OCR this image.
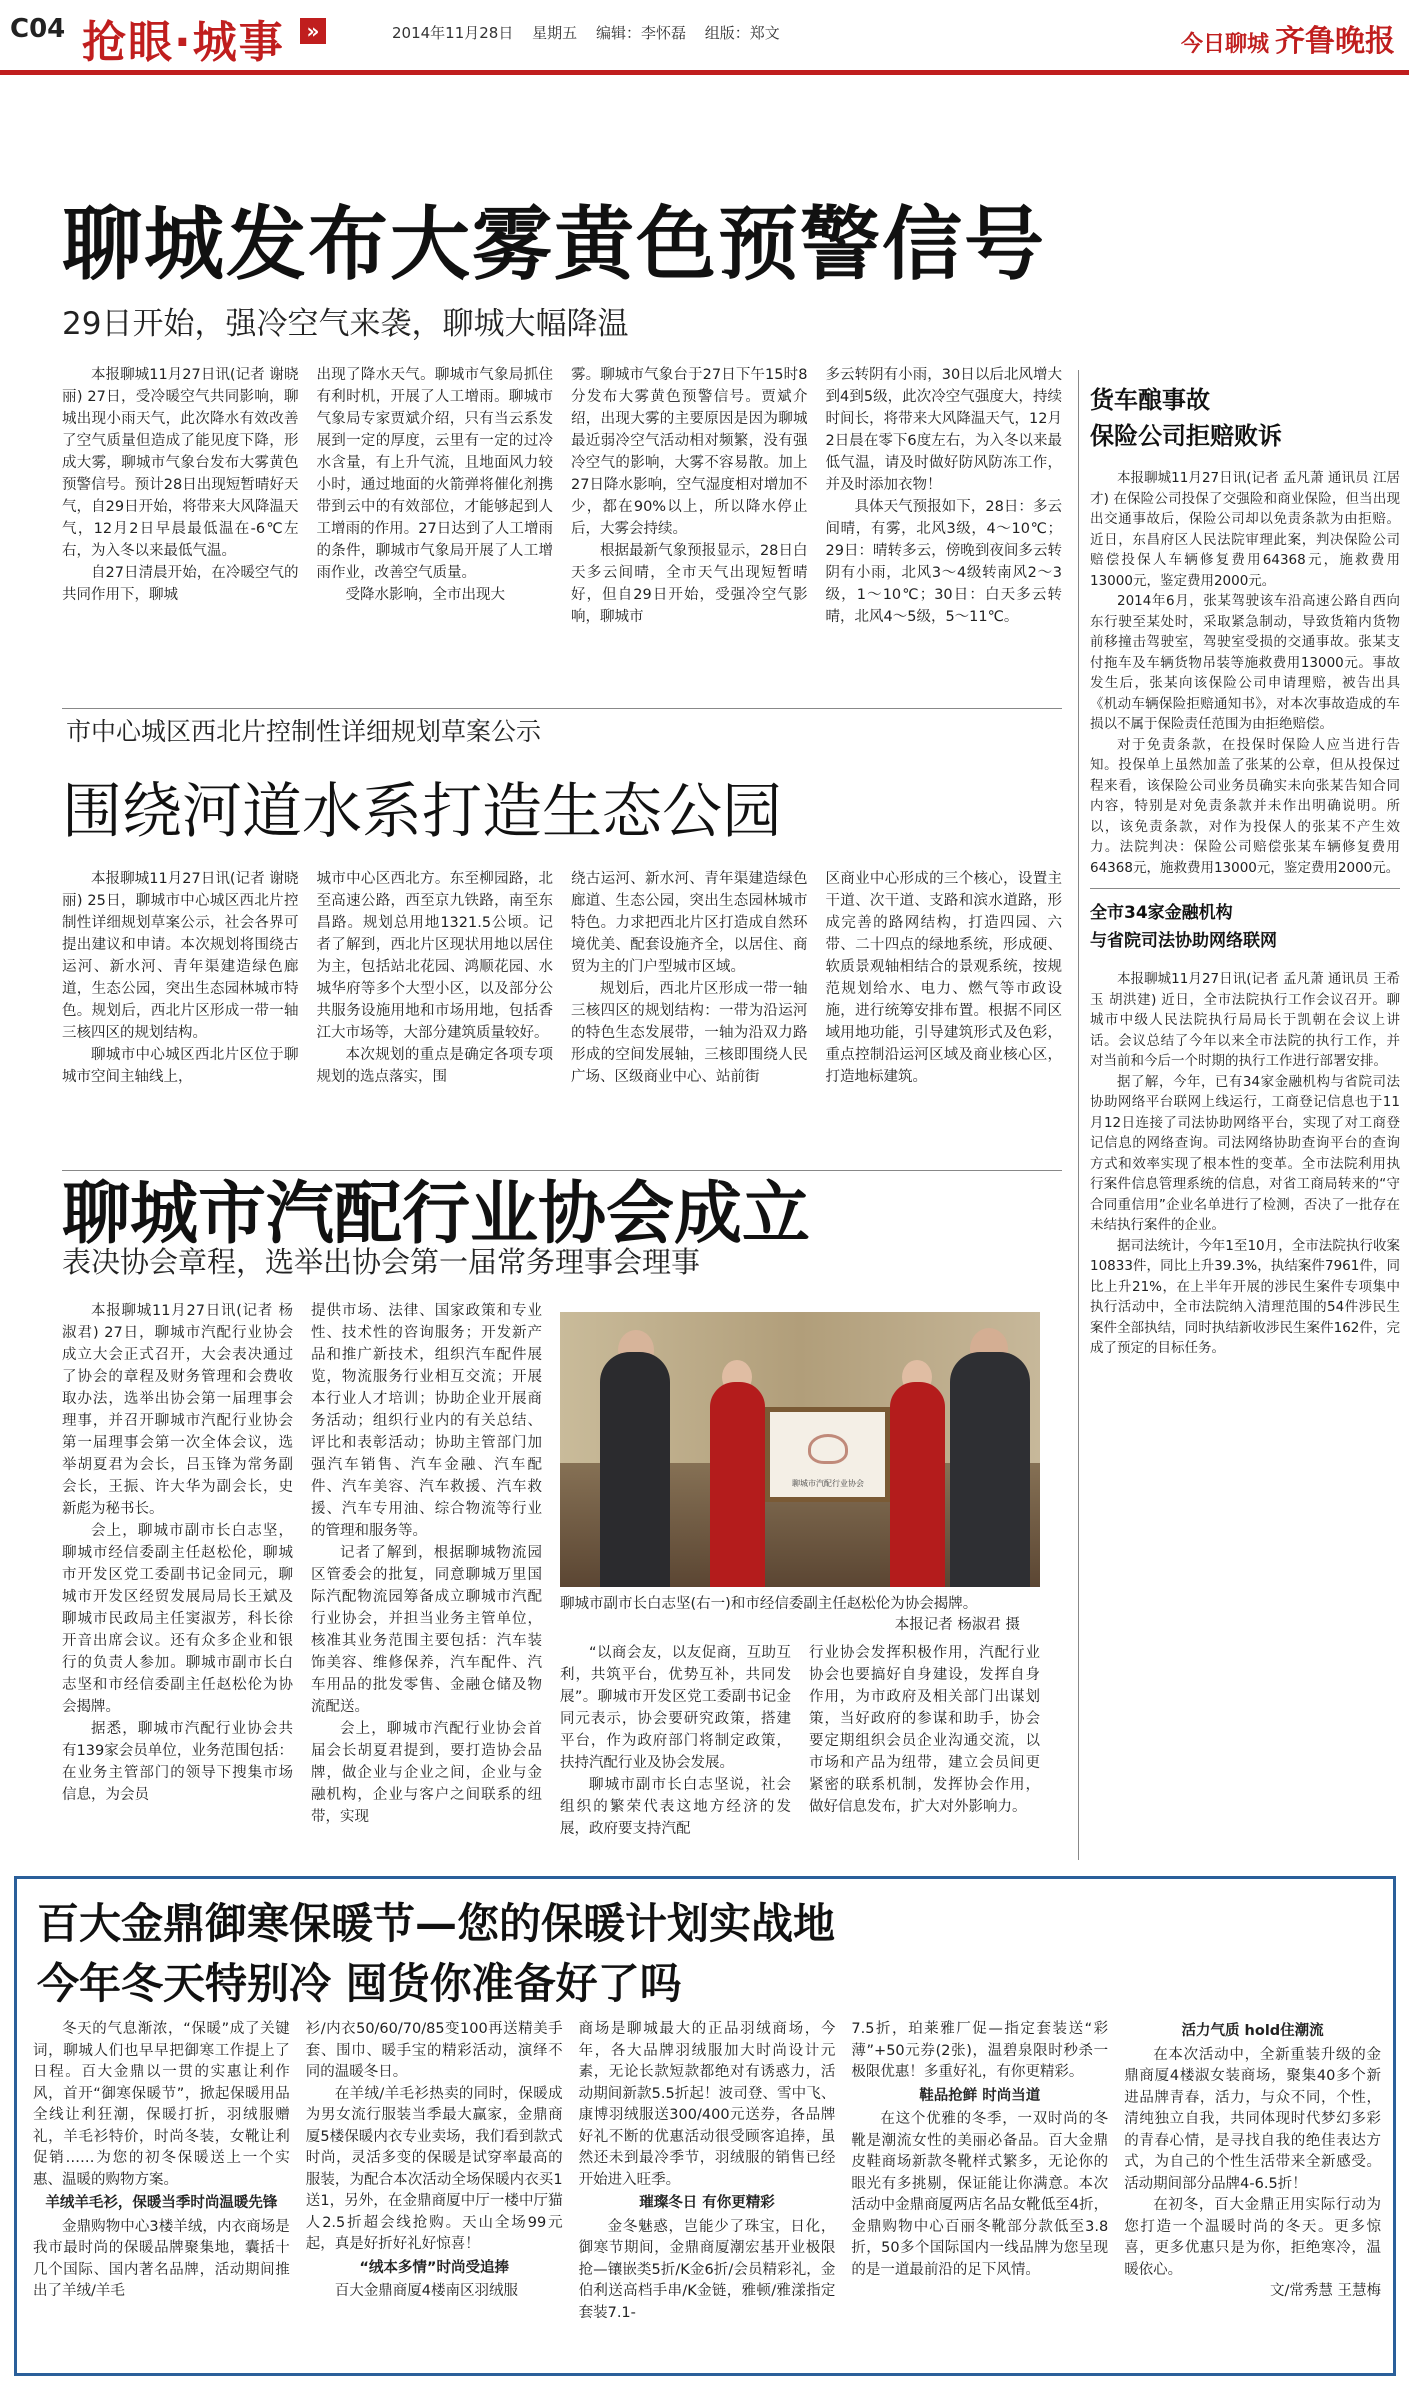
C04 抢眼·城事	»	2014年11月28日 星期五 编辑：李怀磊 组版：郑文	今日聊城 齐鲁晚报
聊城发布大雾黄色预警信号
29日开始，强冷空气来袭，聊城大幅降温

本报聊城11月27日讯(记者 谢晓丽) 27日，受冷暖空气共同影响，聊城出现小雨天气，此次降水有效改善了空气质量但造成了能见度下降，形成大雾，聊城市气象台发布大雾黄色预警信号。预计28日出现短暂晴好天气，自29日开始，将带来大风降温天气，12月2日早晨最低温在-6℃左右，为入冬以来最低气温。

自27日清晨开始，在冷暖空气的共同作用下，聊城

出现了降水天气。聊城市气象局抓住有利时机，开展了人工增雨。聊城市气象局专家贾斌介绍，只有当云系发展到一定的厚度，云里有一定的过冷水含量，有上升气流，且地面风力较小时，通过地面的火箭弹将催化剂携带到云中的有效部位，才能够起到人工增雨的作用。27日达到了人工增雨的条件，聊城市气象局开展了人工增雨作业，改善空气质量。

受降水影响，全市出现大

雾。聊城市气象台于27日下午15时8分发布大雾黄色预警信号。贾斌介绍，出现大雾的主要原因是因为聊城最近弱冷空气活动相对频繁，没有强冷空气的影响，大雾不容易散。加上27日降水影响，空气湿度相对增加不少，都在90%以上，所以降水停止后，大雾会持续。

根据最新气象预报显示，28日白天多云间晴，全市天气出现短暂晴好，但自29日开始，受强冷空气影响，聊城市

多云转阴有小雨，30日以后北风增大到4到5级，此次冷空气强度大，持续时间长，将带来大风降温天气，12月2日晨在零下6度左右，为入冬以来最低气温，请及时做好防风防冻工作，并及时添加衣物！

具体天气预报如下，28日：多云间晴，有雾，北风3级，4～10℃；29日：晴转多云，傍晚到夜间多云转阴有小雨，北风3～4级转南风2～3级，1～10℃；30日：白天多云转晴，北风4～5级，5～11℃。

市中心城区西北片控制性详细规划草案公示
围绕河道水系打造生态公园

本报聊城11月27日讯(记者 谢晓丽) 25日，聊城市中心城区西北片控制性详细规划草案公示，社会各界可提出建议和申请。本次规划将围绕古运河、新水河、青年渠建造绿色廊道，生态公园，突出生态园林城市特色。规划后，西北片区形成一带一轴三核四区的规划结构。

聊城市中心城区西北片区位于聊城市空间主轴线上，

城市中心区西北方。东至柳园路，北至高速公路，西至京九铁路，南至东昌路。规划总用地1321.5公顷。记者了解到，西北片区现状用地以居住为主，包括站北花园、鸿顺花园、水城华府等多个大型小区，以及部分公共服务设施用地和市场用地，包括香江大市场等，大部分建筑质量较好。

本次规划的重点是确定各项专项规划的选点落实，围

绕古运河、新水河、青年渠建造绿色廊道、生态公园，突出生态园林城市特色。力求把西北片区打造成自然环境优美、配套设施齐全，以居住、商贸为主的门户型城市区域。

规划后，西北片区形成一带一轴三核四区的规划结构：一带为沿运河的特色生态发展带，一轴为沿双力路形成的空间发展轴，三核即围绕人民广场、区级商业中心、站前街

区商业中心形成的三个核心，设置主干道、次干道、支路和滨水道路，形成完善的路网结构，打造四园、六带、二十四点的绿地系统，形成硬、软质景观轴相结合的景观系统，按规范规划给水、电力、燃气等市政设施，进行统筹安排布置。根据不同区域用地功能，引导建筑形式及色彩，重点控制沿运河区域及商业核心区，打造地标建筑。

聊城市汽配行业协会成立
表决协会章程，选举出协会第一届常务理事会理事

本报聊城11月27日讯(记者 杨淑君) 27日，聊城市汽配行业协会成立大会正式召开，大会表决通过了协会的章程及财务管理和会费收取办法，选举出协会第一届理事会理事，并召开聊城市汽配行业协会第一届理事会第一次全体会议，选举胡夏君为会长，吕玉锋为常务副会长，王振、许大华为副会长，史新彪为秘书长。

会上，聊城市副市长白志坚，聊城市经信委副主任赵松伦，聊城市开发区党工委副书记金同元，聊城市开发区经贸发展局局长王斌及聊城市民政局主任窦淑芳，科长徐开音出席会议。还有众多企业和银行的负责人参加。聊城市副市长白志坚和市经信委副主任赵松伦为协会揭牌。

据悉，聊城市汽配行业协会共有139家会员单位，业务范围包括：在业务主管部门的领导下搜集市场信息，为会员

提供市场、法律、国家政策和专业性、技术性的咨询服务；开发新产品和推广新技术，组织汽车配件展览，物流服务行业相互交流；开展本行业人才培训；协助企业开展商务活动；组织行业内的有关总结、评比和表彰活动；协助主管部门加强汽车销售、汽车金融、汽车配件、汽车美容、汽车救援、汽车救援、汽车专用油、综合物流等行业的管理和服务等。

记者了解到，根据聊城物流园区管委会的批复，同意聊城万里国际汽配物流园筹备成立聊城市汽配行业协会，并担当业务主管单位，核准其业务范围主要包括：汽车装饰美容、维修保养，汽车配件、汽车用品的批发零售、金融仓储及物流配送。

会上，聊城市汽配行业协会首届会长胡夏君提到，要打造协会品牌，做企业与企业之间，企业与金融机构，企业与客户之间联系的纽带，实现

聊城市汽配行业协会
聊城市副市长白志坚(右一)和市经信委副主任赵松伦为协会揭牌。
本报记者 杨淑君 摄

“以商会友，以友促商，互助互利，共筑平台，优势互补，共同发展”。聊城市开发区党工委副书记金同元表示，协会要研究政策，搭建平台，作为政府部门将制定政策，扶持汽配行业及协会发展。

聊城市副市长白志坚说，社会组织的繁荣代表这地方经济的发展，政府要支持汽配

行业协会发挥积极作用，汽配行业协会也要搞好自身建设，发挥自身作用，为市政府及相关部门出谋划策，当好政府的参谋和助手，协会要定期组织会员企业沟通交流，以市场和产品为纽带，建立会员间更紧密的联系机制，发挥协会作用，做好信息发布，扩大对外影响力。

货车酿事故
保险公司拒赔败诉

本报聊城11月27日讯(记者 孟凡萧 通讯员 江居才) 在保险公司投保了交强险和商业保险，但当出现出交通事故后，保险公司却以免责条款为由拒赔。近日，东昌府区人民法院审理此案，判决保险公司赔偿投保人车辆修复费用64368元，施救费用13000元，鉴定费用2000元。

2014年6月，张某驾驶该车沿高速公路自西向东行驶至某处时，采取紧急制动，导致货箱内货物前移撞击驾驶室，驾驶室受损的交通事故。张某支付拖车及车辆货物吊装等施救费用13000元。事故发生后，张某向该保险公司申请理赔，被告出具《机动车辆保险拒赔通知书》，对本次事故造成的车损以不属于保险责任范围为由拒绝赔偿。

对于免责条款，在投保时保险人应当进行告知。投保单上虽然加盖了张某的公章，但从投保过程来看，该保险公司业务员确实未向张某告知合同内容，特别是对免责条款并未作出明确说明。所以，该免责条款，对作为投保人的张某不产生效力。法院判决：保险公司赔偿张某车辆修复费用64368元，施救费用13000元，鉴定费用2000元。

全市34家金融机构
与省院司法协助网络联网

本报聊城11月27日讯(记者 孟凡萧 通讯员 王希玉 胡洪建) 近日，全市法院执行工作会议召开。聊城市中级人民法院执行局局长于凯朝在会议上讲话。会议总结了今年以来全市法院的执行工作，并对当前和今后一个时期的执行工作进行部署安排。

据了解，今年，已有34家金融机构与省院司法协助网络平台联网上线运行，工商登记信息也于11月12日连接了司法协助网络平台，实现了对工商登记信息的网络查询。司法网络协助查询平台的查询方式和效率实现了根本性的变革。全市法院利用执行案件信息管理系统的信息，对省工商局转来的“守合同重信用”企业名单进行了检测，否决了一批存在未结执行案件的企业。

据司法统计，今年1至10月，全市法院执行收案10833件，同比上升39.3%，执结案件7961件，同比上升21%，在上半年开展的涉民生案件专项集中执行活动中，全市法院纳入清理范围的54件涉民生案件全部执结，同时执结新收涉民生案件162件，完成了预定的目标任务。

百大金鼎御寒保暖节—您的保暖计划实战地
今年冬天特别冷 囤货你准备好了吗

冬天的气息渐浓，“保暖”成了关键词，聊城人们也早早把御寒工作提上了日程。百大金鼎以一贯的实惠让利作风，首开“御寒保暖节”，掀起保暖用品全线让利狂潮，保暖打折，羽绒服赠礼，羊毛衫特价，时尚冬装，女靴让利促销……为您的初冬保暖送上一个实惠、温暖的购物方案。

羊绒羊毛衫，保暖当季时尚温暖先锋

金鼎购物中心3楼羊绒，内衣商场是我市最时尚的保暖品牌聚集地，囊括十几个国际、国内著名品牌，活动期间推出了羊绒/羊毛

衫/内衣50/60/70/85变100再送精美手套、围巾、暖手宝的精彩活动，演绎不同的温暖冬日。

在羊绒/羊毛衫热卖的同时，保暖成为男女流行服装当季最大赢家，金鼎商厦5楼保暖内衣专业卖场，我们看到款式时尚，灵活多变的保暖是试穿率最高的服装，为配合本次活动全场保暖内衣买1送1，另外，在金鼎商厦中厅一楼中厅猫人2.5折超会线抢购。天山全场99元起，真是好折好礼好惊喜！

“绒本多情”时尚受追捧

百大金鼎商厦4楼南区羽绒服

商场是聊城最大的正品羽绒商场，今年，各大品牌羽绒服加大时尚设计元素，无论长款短款都绝对有诱惑力，活动期间新款5.5折起！波司登、雪中飞、康博羽绒服送300/400元送券，各品牌好礼不断的优惠活动很受顾客追捧，虽然还未到最冷季节，羽绒服的销售已经开始进入旺季。

璀璨冬日 有你更精彩

金冬魅惑，岂能少了珠宝，日化，御寒节期间，金鼎商厦潮宏基开业极限抢—镶嵌类5折/K金6折/会员精彩礼，金伯利送高档手串/K金链，雅顿/雅漾指定套装7.1-

7.5折，珀莱雅厂促—指定套装送“彩薄”+50元券(2张)，温碧泉限时秒杀一极限优惠！多重好礼，有你更精彩。

鞋品抢鲜 时尚当道

在这个优雅的冬季，一双时尚的冬靴是潮流女性的美丽必备品。百大金鼎皮鞋商场新款冬靴样式繁多，无论你的眼光有多挑剔，保证能让你满意。本次活动中金鼎商厦两店名品女靴低至4折，金鼎购物中心百丽冬靴部分款低至3.8折，50多个国际国内一线品牌为您呈现的是一道最前沿的足下风情。

活力气质 hold住潮流

在本次活动中，全新重装升级的金鼎商厦4楼淑女装商场，聚集40多个新进品牌青春，活力，与众不同，个性，清纯独立自我，共同体现时代梦幻多彩的青春心情，是寻找自我的绝佳表达方式，为自己的个性生活带来全新感受。活动期间部分品牌4-6.5折！

在初冬，百大金鼎正用实际行动为您打造一个温暖时尚的冬天。更多惊喜，更多优惠只是为你，拒绝寒冷，温暖依心。

文/常秀慧 王慧梅
